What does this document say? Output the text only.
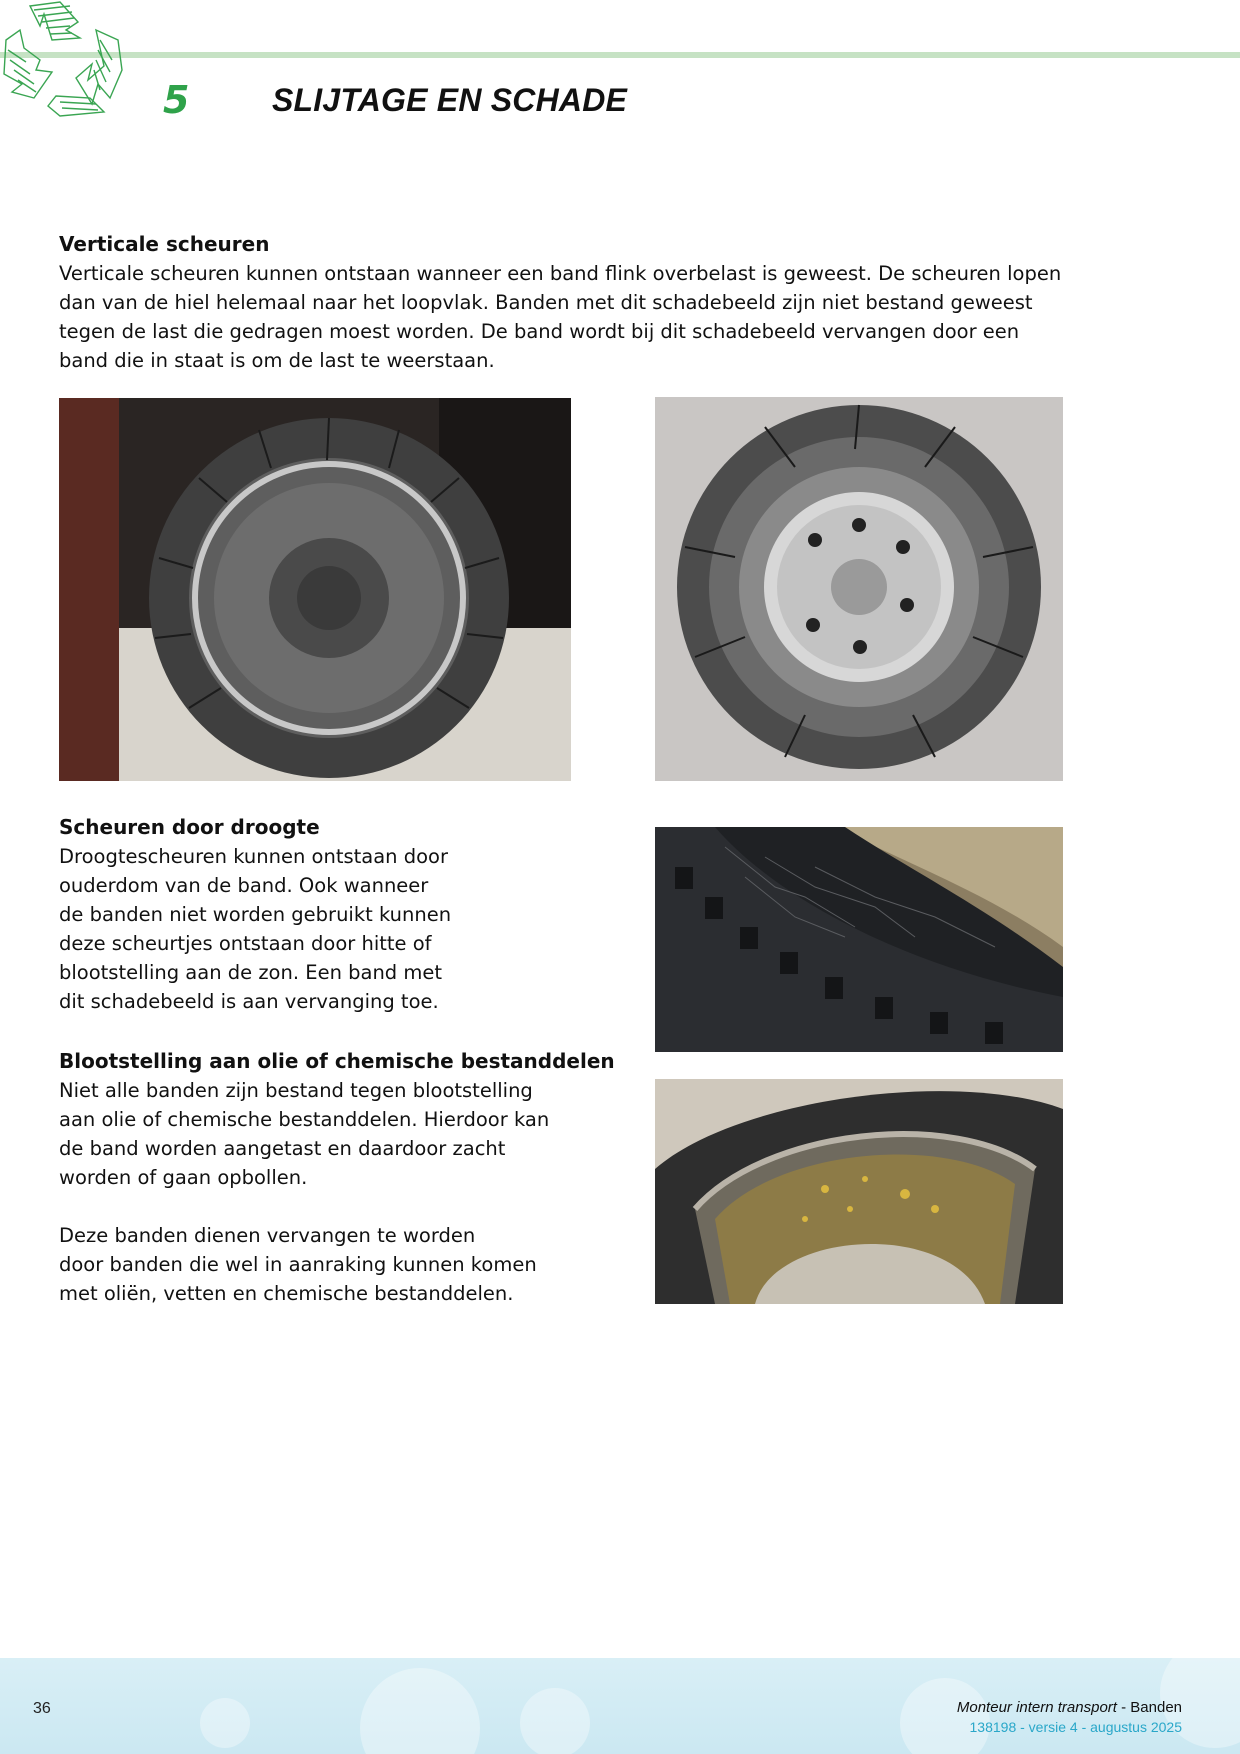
5	SLIJTAGE EN SCHADE

Verticale scheuren

Verticale scheuren kunnen ontstaan wanneer een band flink overbelast is geweest. De scheuren lopen
dan van de hiel helemaal naar het loopvlak. Banden met dit schadebeeld zijn niet bestand geweest
tegen de last die gedragen moest worden. De band wordt bij dit schadebeeld vervangen door een
band die in staat is om de last te weerstaan.

Scheuren door droogte

Droogtescheuren kunnen ontstaan door
ouderdom van de band. Ook wanneer
de banden niet worden gebruikt kunnen
deze scheurtjes ontstaan door hitte of
blootstelling aan de zon. Een band met
dit schadebeeld is aan vervanging toe.

Blootstelling aan olie of chemische bestanddelen

Niet alle banden zijn bestand tegen blootstelling
aan olie of chemische bestanddelen. Hierdoor kan
de band worden aangetast en daardoor zacht
worden of gaan opbollen.

Deze banden dienen vervangen te worden
door banden die wel in aanraking kunnen komen
met oliën, vetten en chemische bestanddelen.

36	Monteur intern transport - Banden
138198 - versie 4 - augustus 2025
